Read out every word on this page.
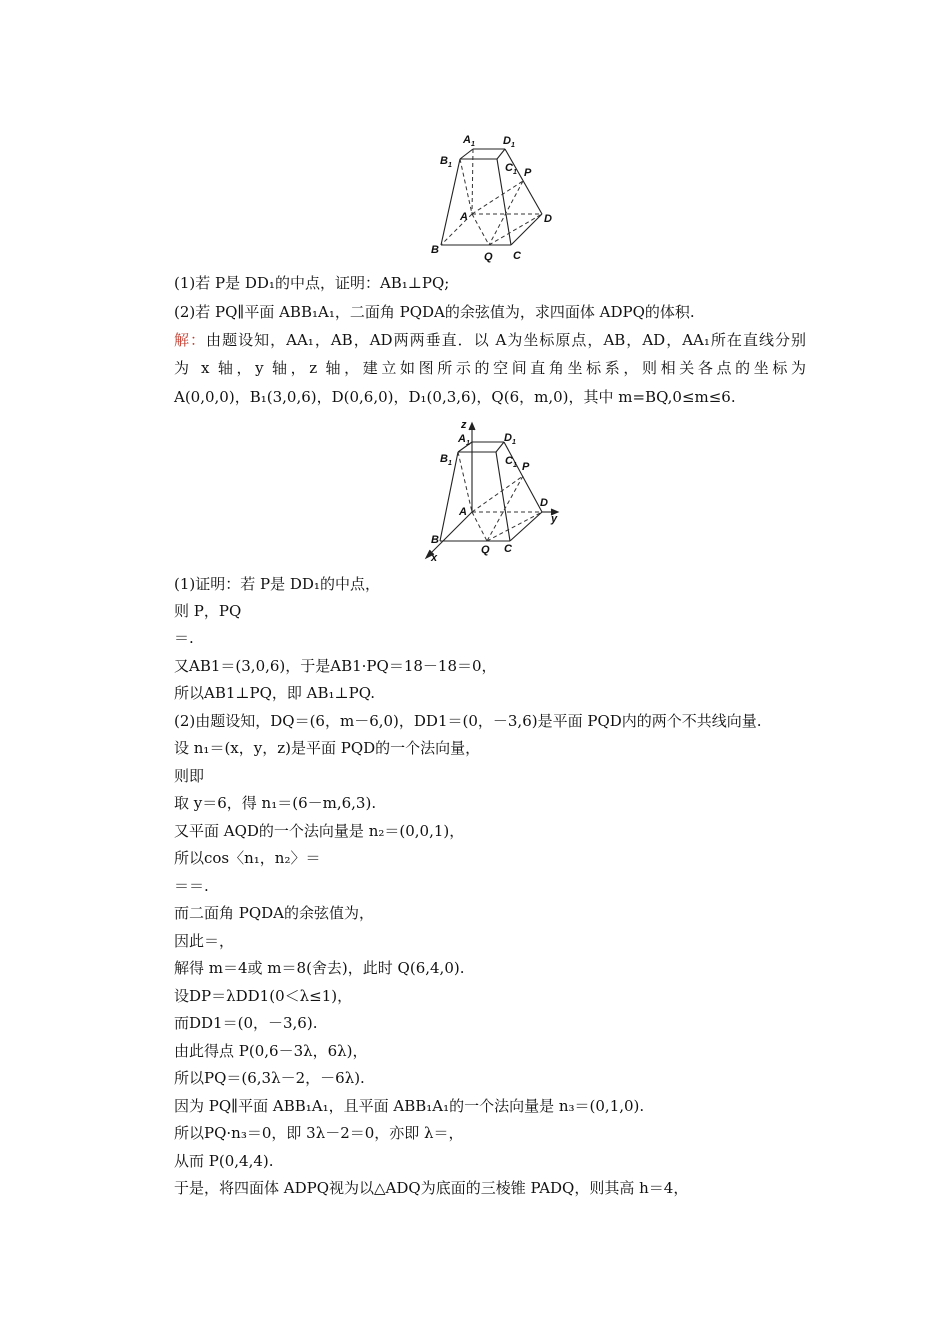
$A_1$	$D_1$
$B_1$	$C_1$ P
A	D
B
Q C
(1)若 P是 DD₁的中点，证明：AB₁⊥PQ;
(2)若 PQ∥平面 ABB₁A₁，二面角 PQDA的余弦值为，求四面体 ADPQ的体积.
解：由题设知，AA₁，AB，AD两两垂直．以 A为坐标原点，AB，AD，AA₁所在直线分别
为 x 轴，y 轴，z 轴，建立如图所示的空间直角坐标系，则相关各点的坐标为
A(0,0,0)，B₁(3,0,6)，D(0,6,0)，D₁(0,3,6)，Q(6，m,0)，其中 m=BQ,0≤m≤6.
z
$A_1$	$D_1$
$B_1$	$C_1$ P
A
D
y
B
Q C
x
(1)证明：若 P是 DD₁的中点，
则 P，PQ
＝.
又AB1＝(3,0,6)，于是AB1·PQ＝18－18＝0，
所以AB1⊥PQ，即 AB₁⊥PQ.
(2)由题设知，DQ＝(6，m－6,0)，DD1＝(0，－3,6)是平面 PQD内的两个不共线向量.
设 n₁＝(x，y，z)是平面 PQD的一个法向量，
则即
取 y＝6，得 n₁＝(6－m,6,3).
又平面 AQD的一个法向量是 n₂＝(0,0,1)，
所以cos〈n₁，n₂〉＝
＝＝.
而二面角 PQDA的余弦值为，
因此＝，
解得 m＝4或 m＝8(舍去)，此时 Q(6,4,0).
设DP＝λDD1(0＜λ≤1)，
而DD1＝(0，－3,6).
由此得点 P(0,6－3λ，6λ)，
所以PQ＝(6,3λ－2，－6λ).
因为 PQ∥平面 ABB₁A₁，且平面 ABB₁A₁的一个法向量是 n₃＝(0,1,0).
所以PQ·n₃＝0，即 3λ－2＝0，亦即 λ＝，
从而 P(0,4,4).
于是，将四面体 ADPQ视为以△ADQ为底面的三棱锥 PADQ，则其高 h＝4，
